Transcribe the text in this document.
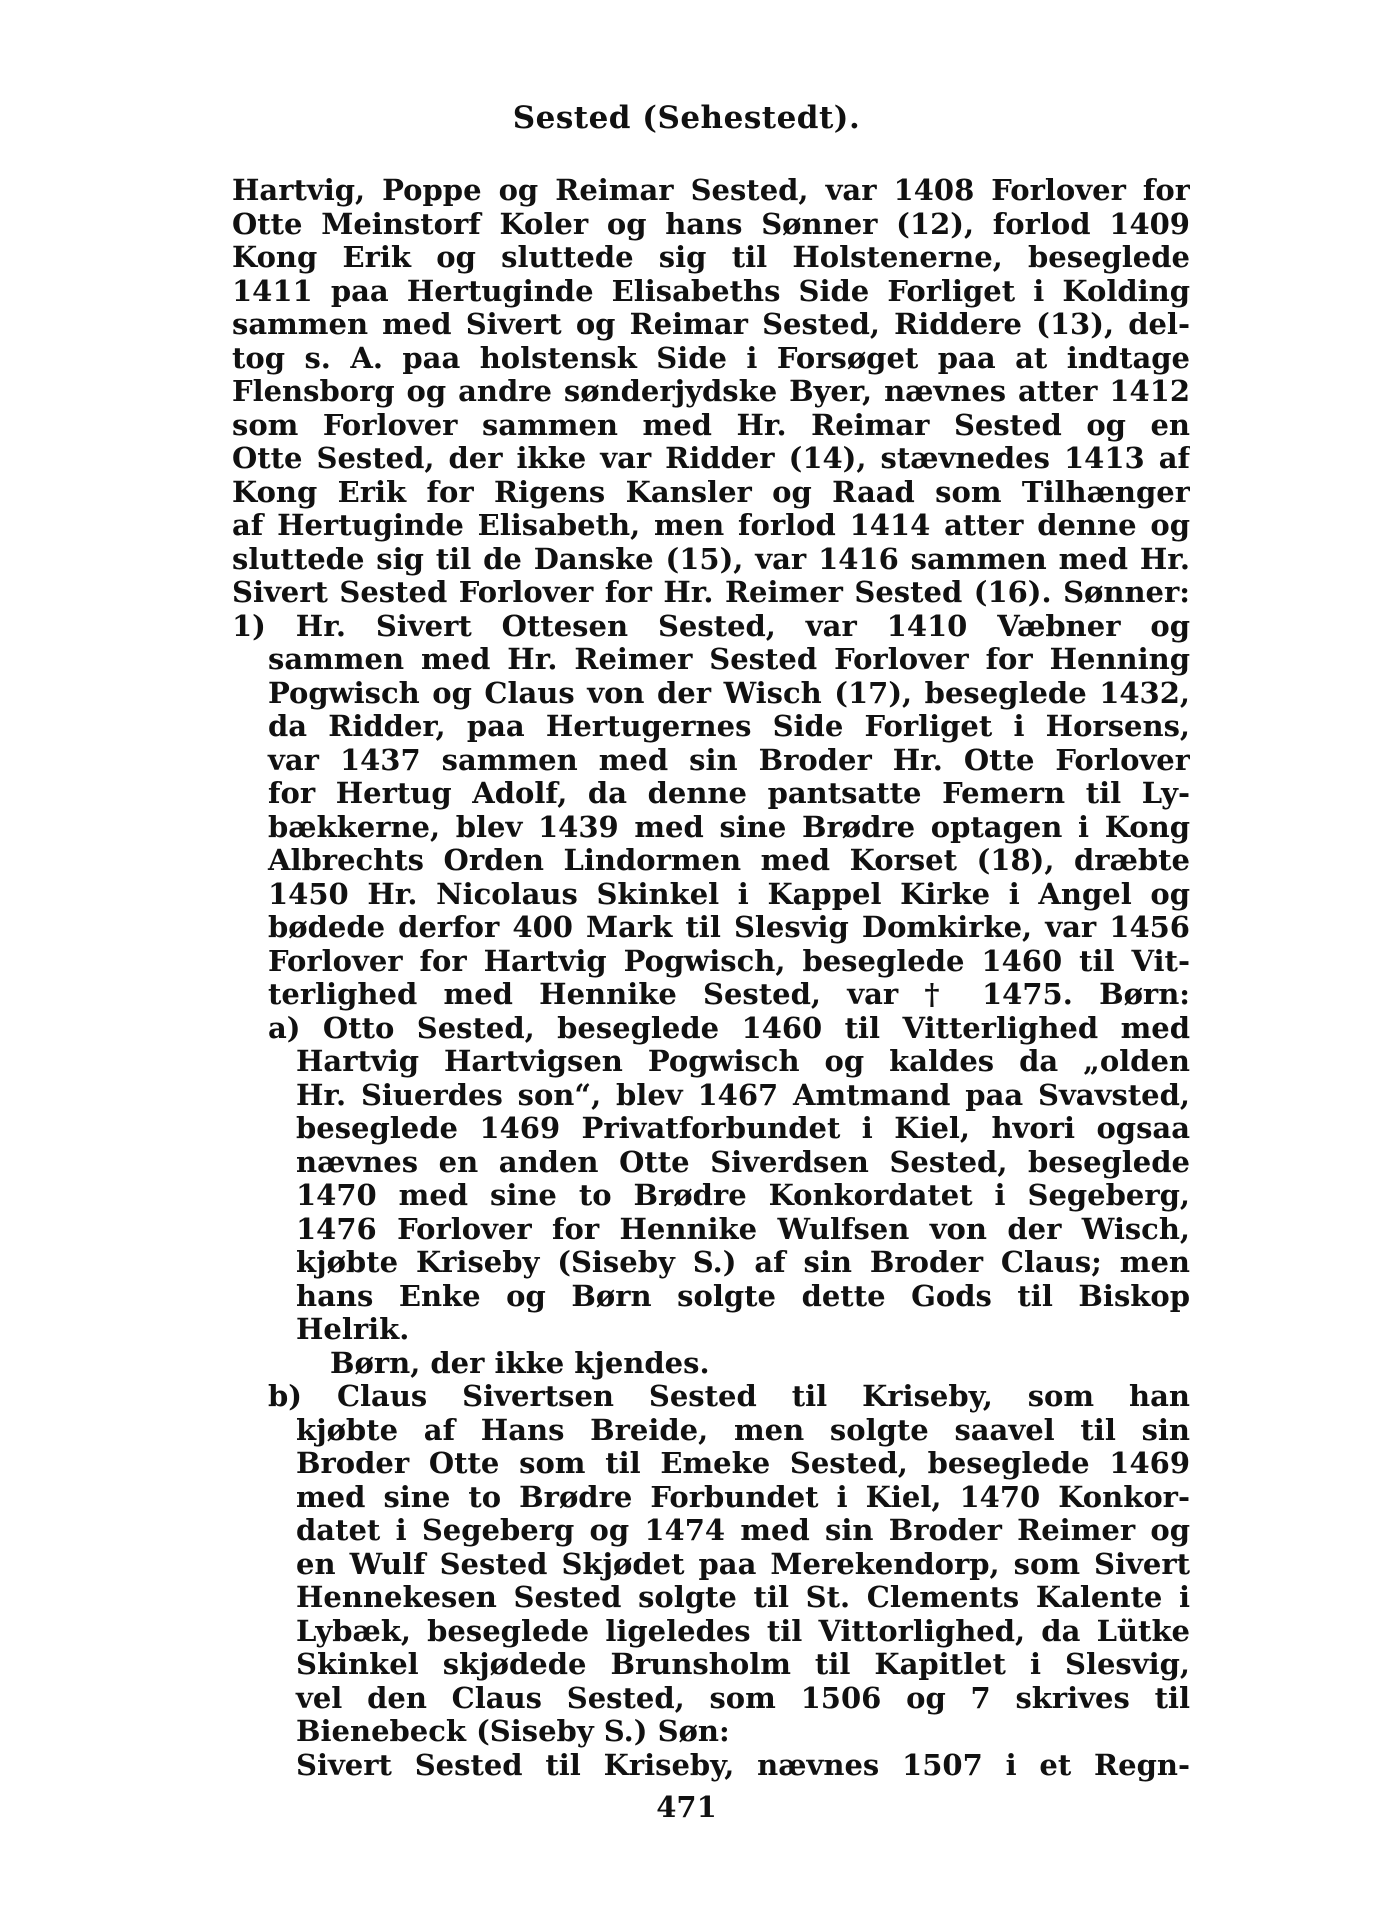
Sested (Sehestedt).
Hartvig, Poppe og Reimar Sested, var 1408 Forlover for
Otte Meinstorf Koler og hans Sønner (12), forlod 1409
Kong Erik og sluttede sig til Holstenerne, beseglede
1411 paa Hertuginde Elisabeths Side Forliget i Kolding
sammen med Sivert og Reimar Sested, Riddere (13), del-
tog s. A. paa holstensk Side i Forsøget paa at indtage
Flensborg og andre sønderjydske Byer, nævnes atter 1412
som Forlover sammen med Hr. Reimar Sested og en
Otte Sested, der ikke var Ridder (14), stævnedes 1413 af
Kong Erik for Rigens Kansler og Raad som Tilhænger
af Hertuginde Elisabeth, men forlod 1414 atter denne og
sluttede sig til de Danske (15), var 1416 sammen med Hr.
Sivert Sested Forlover for Hr. Reimer Sested (16). Sønner:
1) Hr. Sivert Ottesen Sested, var 1410 Væbner og
sammen med Hr. Reimer Sested Forlover for Henning
Pogwisch og Claus von der Wisch (17), beseglede 1432,
da Ridder, paa Hertugernes Side Forliget i Horsens,
var 1437 sammen med sin Broder Hr. Otte Forlover
for Hertug Adolf, da denne pantsatte Femern til Ly-
bækkerne, blev 1439 med sine Brødre optagen i Kong
Albrechts Orden Lindormen med Korset (18), dræbte
1450 Hr. Nicolaus Skinkel i Kappel Kirke i Angel og
bødede derfor 400 Mark til Slesvig Domkirke, var 1456
Forlover for Hartvig Pogwisch, beseglede 1460 til Vit-
terlighed med Hennike Sested, var † 1475. Børn:
a) Otto Sested, beseglede 1460 til Vitterlighed med
Hartvig Hartvigsen Pogwisch og kaldes da „olden
Hr. Siuerdes son“, blev 1467 Amtmand paa Svavsted,
beseglede 1469 Privatforbundet i Kiel, hvori ogsaa
nævnes en anden Otte Siverdsen Sested, beseglede
1470 med sine to Brødre Konkordatet i Segeberg,
1476 Forlover for Hennike Wulfsen von der Wisch,
kjøbte Kriseby (Siseby S.) af sin Broder Claus; men
hans Enke og Børn solgte dette Gods til Biskop
Helrik.
Børn, der ikke kjendes.
b) Claus Sivertsen Sested til Kriseby, som han
kjøbte af Hans Breide, men solgte saavel til sin
Broder Otte som til Emeke Sested, beseglede 1469
med sine to Brødre Forbundet i Kiel, 1470 Konkor-
datet i Segeberg og 1474 med sin Broder Reimer og
en Wulf Sested Skjødet paa Merekendorp, som Sivert
Hennekesen Sested solgte til St. Clements Kalente i
Lybæk, beseglede ligeledes til Vittorlighed, da Lütke
Skinkel skjødede Brunsholm til Kapitlet i Slesvig,
vel den Claus Sested, som 1506 og 7 skrives til
Bienebeck (Siseby S.) Søn:
Sivert Sested til Kriseby, nævnes 1507 i et Regn-
471
